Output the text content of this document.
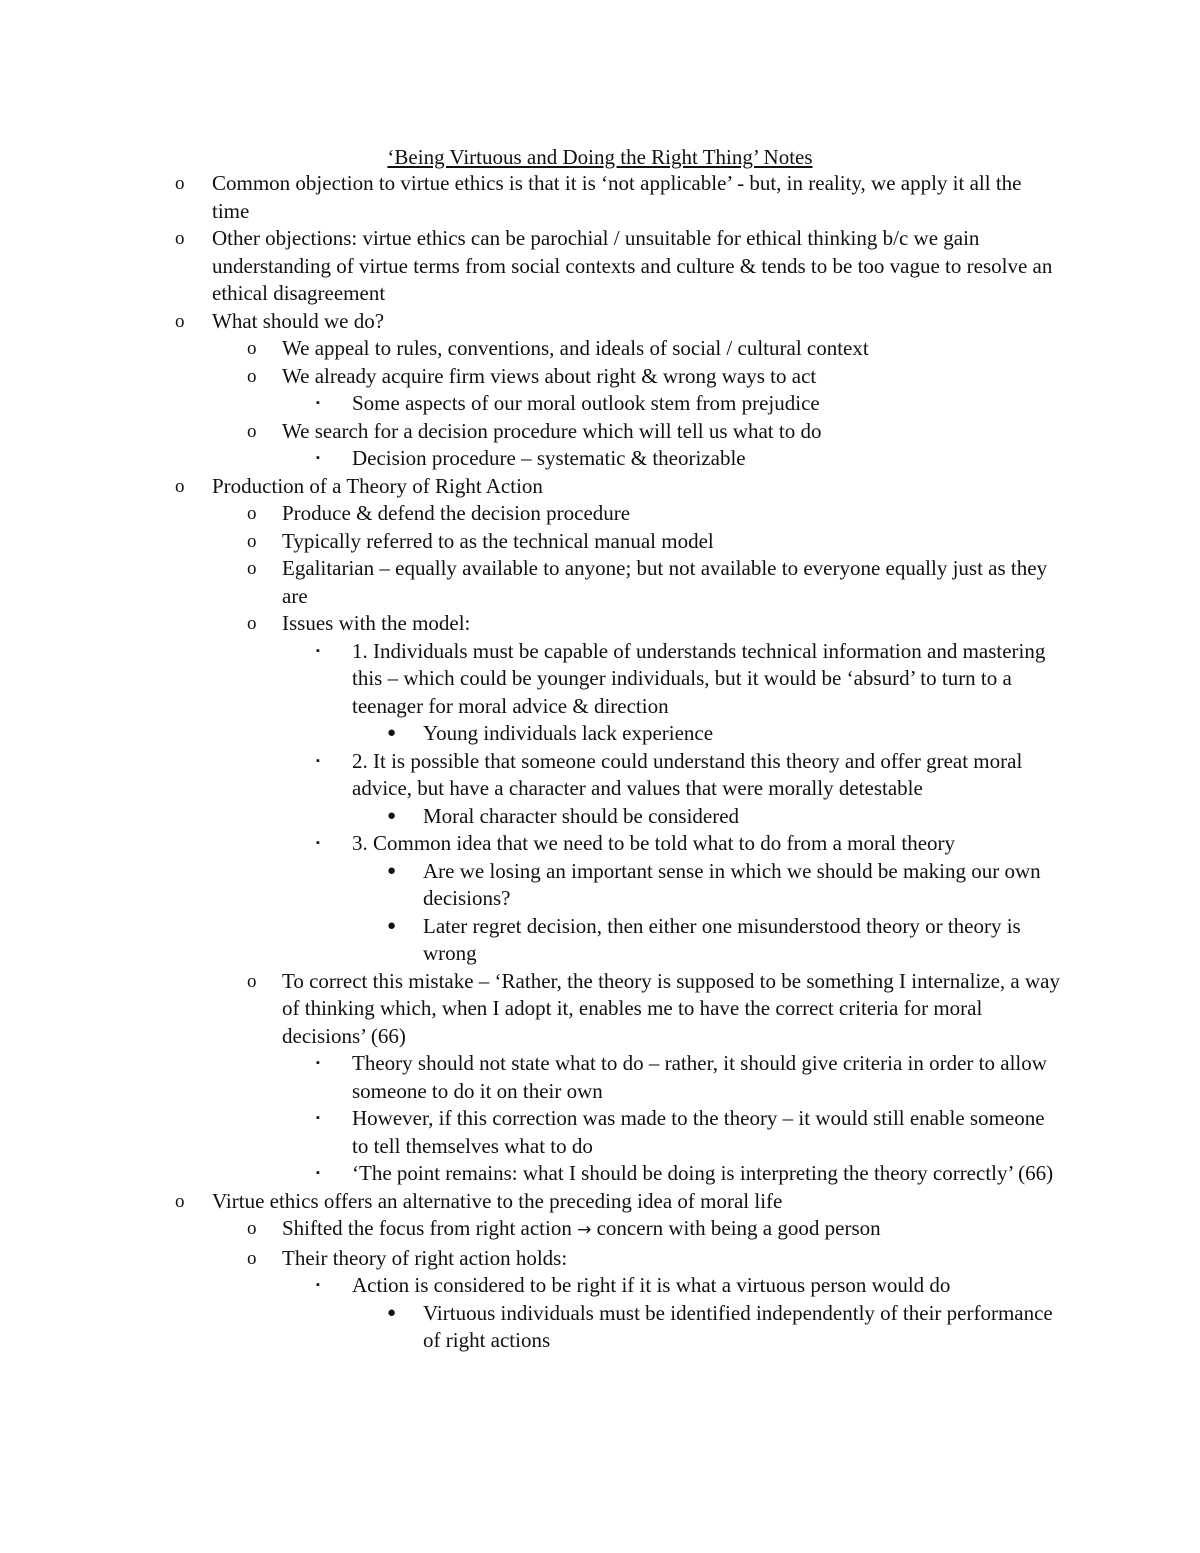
‘Being Virtuous and Doing the Right Thing’ Notes
o Common objection to virtue ethics is that it is ‘not applicable’ - but, in reality, we apply it all the time
o Other objections: virtue ethics can be parochial / unsuitable for ethical thinking b/c we gain understanding of virtue terms from social contexts and culture & tends to be too vague to resolve an ethical disagreement
o What should we do?
o We appeal to rules, conventions, and ideals of social / cultural context
o We already acquire firm views about right & wrong ways to act
▪ Some aspects of our moral outlook stem from prejudice
o We search for a decision procedure which will tell us what to do
▪ Decision procedure – systematic & theorizable
o Production of a Theory of Right Action
o Produce & defend the decision procedure
o Typically referred to as the technical manual model
o Egalitarian – equally available to anyone; but not available to everyone equally just as they are
o Issues with the model:
▪ 1. Individuals must be capable of understands technical information and mastering this – which could be younger individuals, but it would be ‘absurd’ to turn to a teenager for moral advice & direction
● Young individuals lack experience
▪ 2. It is possible that someone could understand this theory and offer great moral advice, but have a character and values that were morally detestable
● Moral character should be considered
▪ 3. Common idea that we need to be told what to do from a moral theory
● Are we losing an important sense in which we should be making our own decisions?
● Later regret decision, then either one misunderstood theory or theory is wrong
o To correct this mistake – ‘Rather, the theory is supposed to be something I internalize, a way of thinking which, when I adopt it, enables me to have the correct criteria for moral decisions’ (66)
▪ Theory should not state what to do – rather, it should give criteria in order to allow someone to do it on their own
▪ However, if this correction was made to the theory – it would still enable someone to tell themselves what to do
▪ ‘The point remains: what I should be doing is interpreting the theory correctly’ (66)
o Virtue ethics offers an alternative to the preceding idea of moral life
o Shifted the focus from right action → concern with being a good person
o Their theory of right action holds:
▪ Action is considered to be right if it is what a virtuous person would do
● Virtuous individuals must be identified independently of their performance of right actions
